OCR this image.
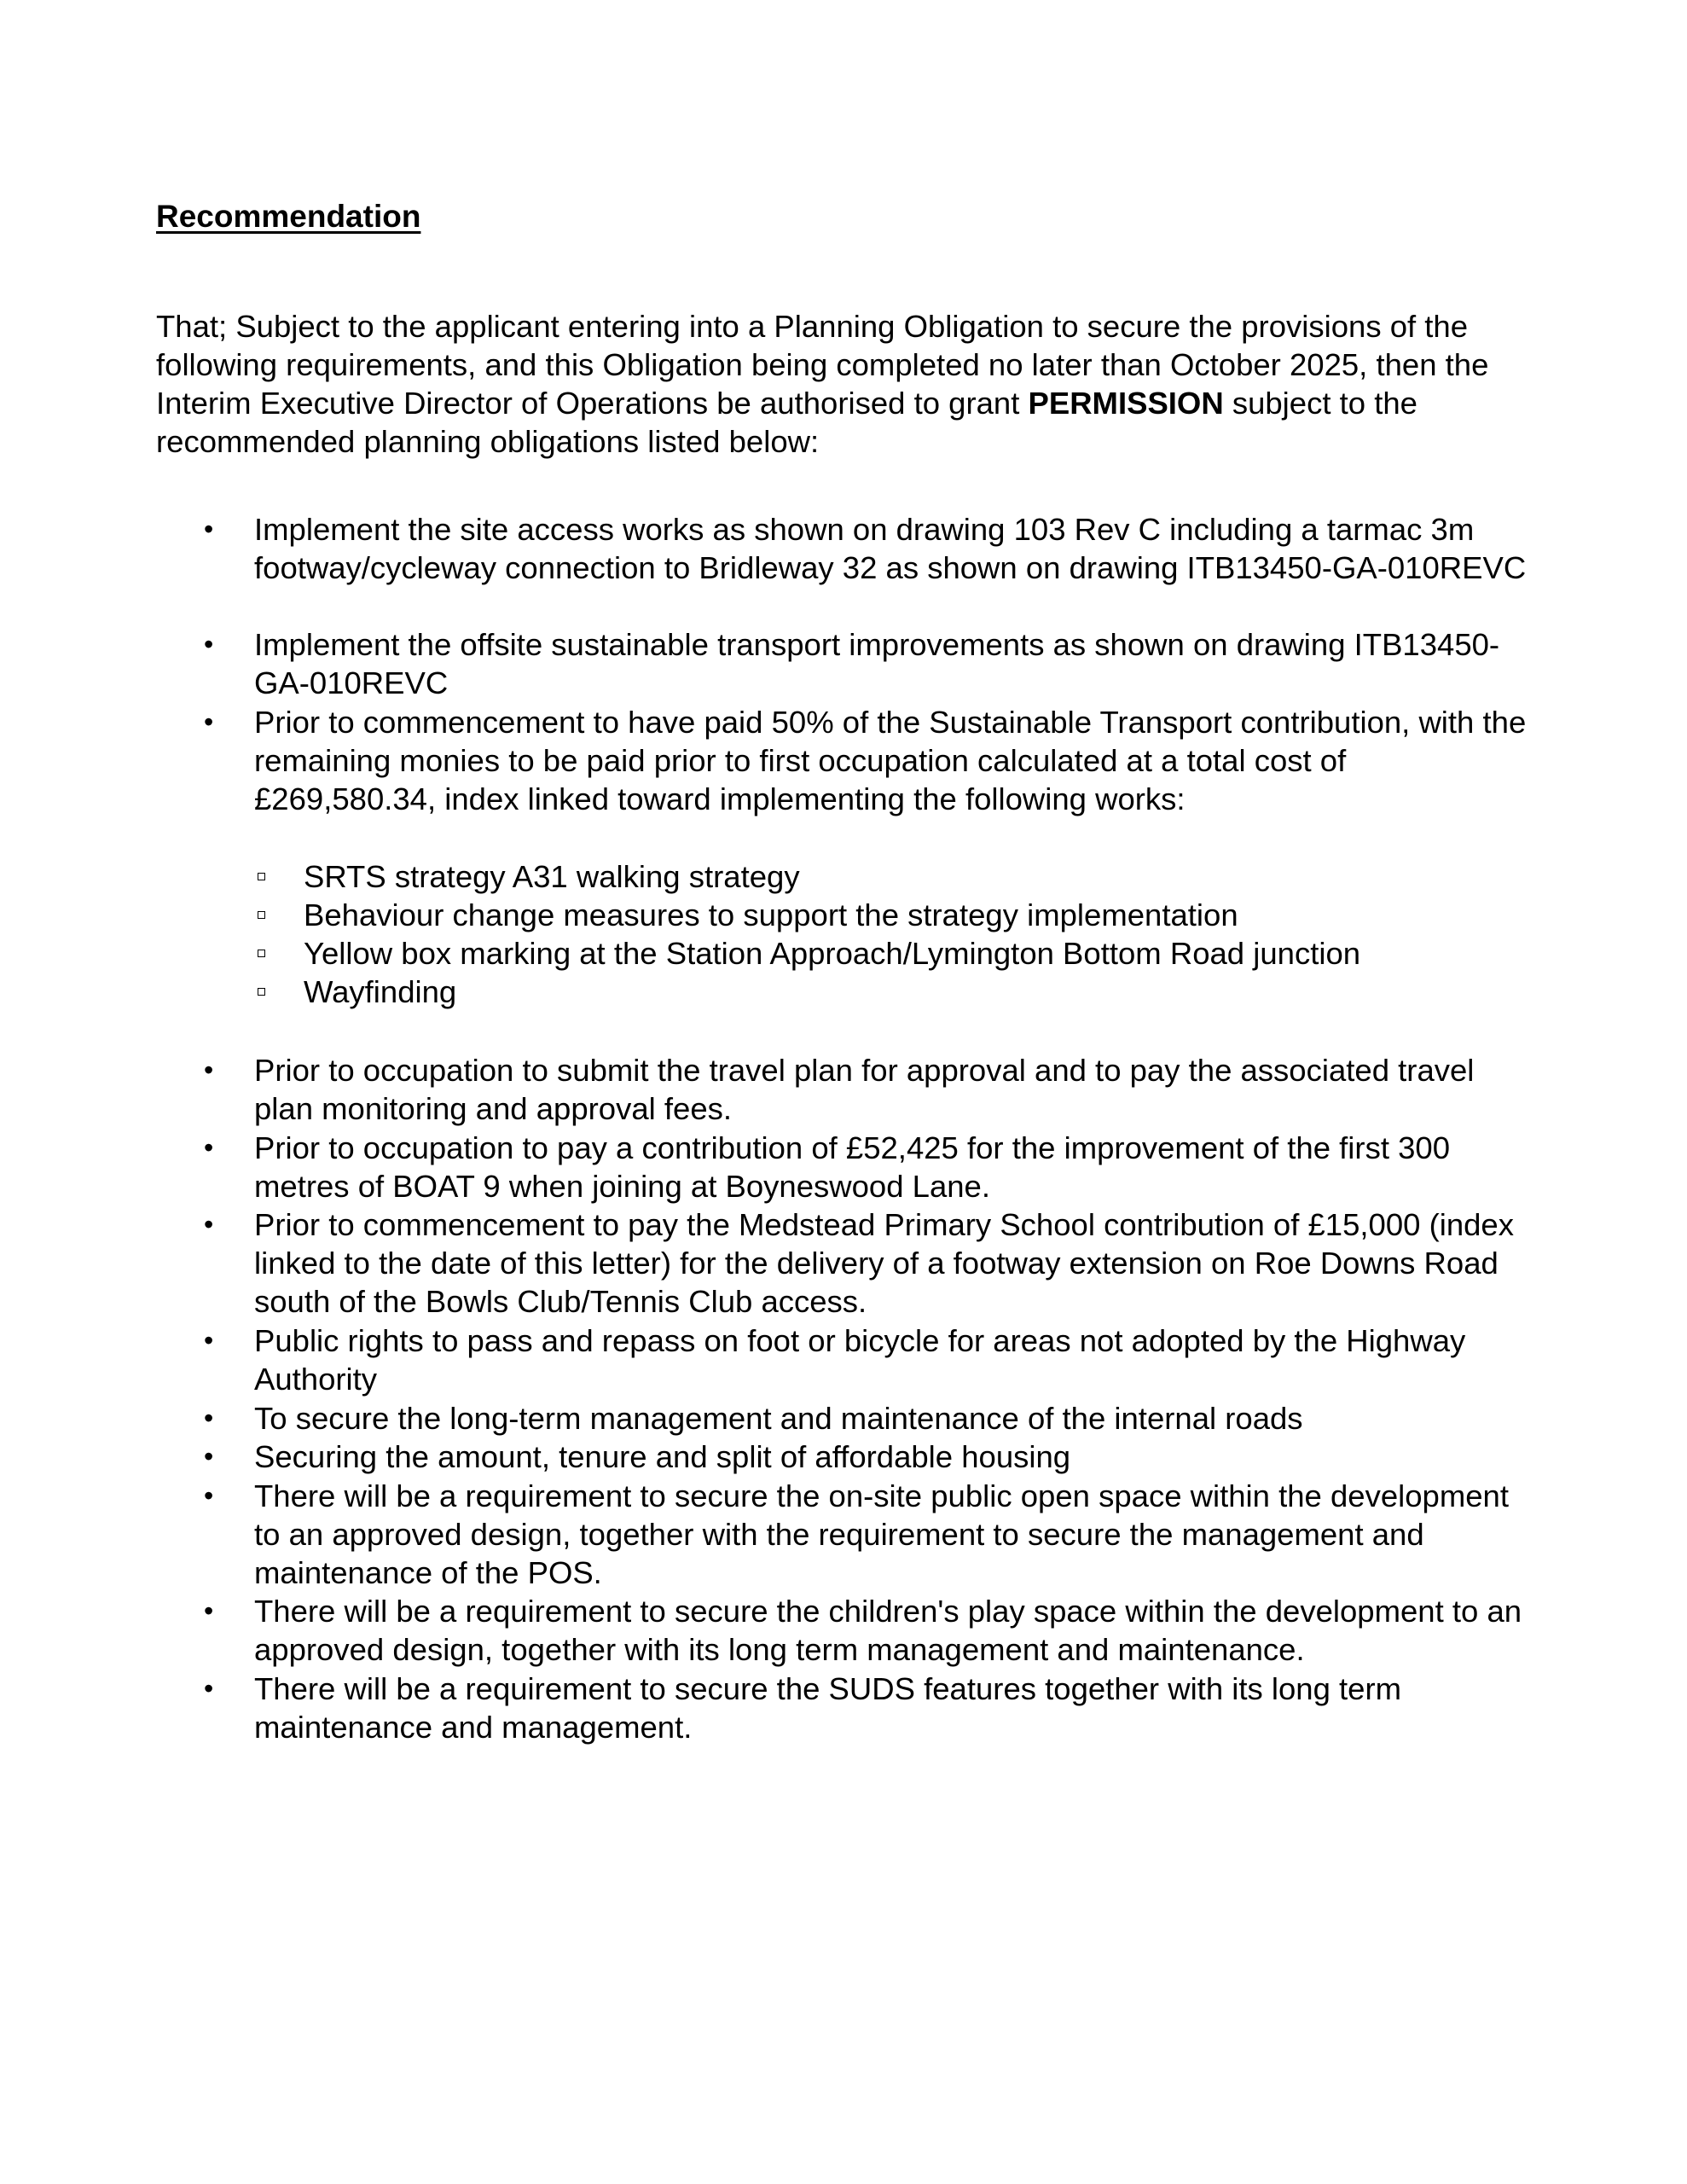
Recommendation

That; Subject to the applicant entering into a Planning Obligation to secure the provisions of the following requirements, and this Obligation being completed no later than October 2025, then the Interim Executive Director of Operations be authorised to grant PERMISSION subject to the recommended planning obligations listed below:

• Implement the site access works as shown on drawing 103 Rev C including a tarmac 3m footway/cycleway connection to Bridleway 32 as shown on drawing ITB13450-GA-010REVC

• Implement the offsite sustainable transport improvements as shown on drawing ITB13450-GA-010REVC

• Prior to commencement to have paid 50% of the Sustainable Transport contribution, with the remaining monies to be paid prior to first occupation calculated at a total cost of £269,580.34, index linked toward implementing the following works:

SRTS strategy A31 walking strategy

Behaviour change measures to support the strategy implementation

Yellow box marking at the Station Approach/Lymington Bottom Road junction

Wayfinding

• Prior to occupation to submit the travel plan for approval and to pay the associated travel plan monitoring and approval fees.

• Prior to occupation to pay a contribution of £52,425 for the improvement of the first 300 metres of BOAT 9 when joining at Boyneswood Lane.

• Prior to commencement to pay the Medstead Primary School contribution of £15,000 (index linked to the date of this letter) for the delivery of a footway extension on Roe Downs Road south of the Bowls Club/Tennis Club access.

• Public rights to pass and repass on foot or bicycle for areas not adopted by the Highway Authority

• To secure the long-term management and maintenance of the internal roads

• Securing the amount, tenure and split of affordable housing

• There will be a requirement to secure the on-site public open space within the development to an approved design, together with the requirement to secure the management and maintenance of the POS.

• There will be a requirement to secure the children's play space within the development to an approved design, together with its long term management and maintenance.

• There will be a requirement to secure the SUDS features together with its long term maintenance and management.
